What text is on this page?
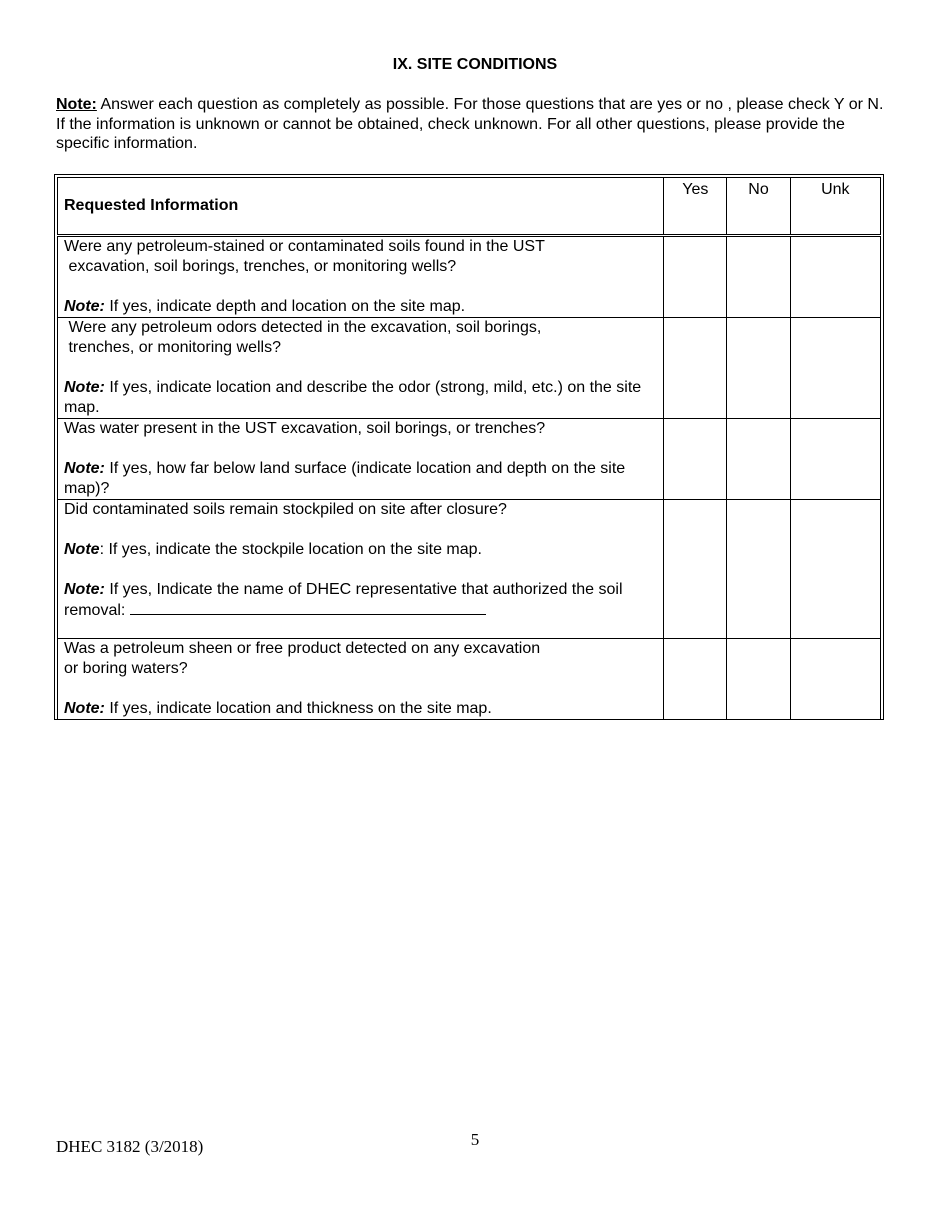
IX. SITE CONDITIONS
Note: Answer each question as completely as possible. For those questions that are yes or no , please check Y or N. If the information is unknown or cannot be obtained, check unknown. For all other questions, please provide the specific information.
Requested Information	Yes	No	Unk

Were any petroleum-stained or contaminated soils found in the UST
excavation, soil borings, trenches, or monitoring wells?
Note: If yes, indicate depth and location on the site map.			

Were any petroleum odors detected in the excavation, soil borings,
trenches, or monitoring wells?
Note: If yes, indicate location and describe the odor (strong, mild, etc.) on the site map.			

Was water present in the UST excavation, soil borings, or trenches?
Note: If yes, how far below land surface (indicate location and depth on the site map)?			

Did contaminated soils remain stockpiled on site after closure?
Note: If yes, indicate the stockpile location on the site map.
Note: If yes, Indicate the name of DHEC representative that authorized the soil removal:			

Was a petroleum sheen or free product detected on any excavation
or boring waters?
Note: If yes, indicate location and thickness on the site map.			

5
DHEC 3182 (3/2018)
